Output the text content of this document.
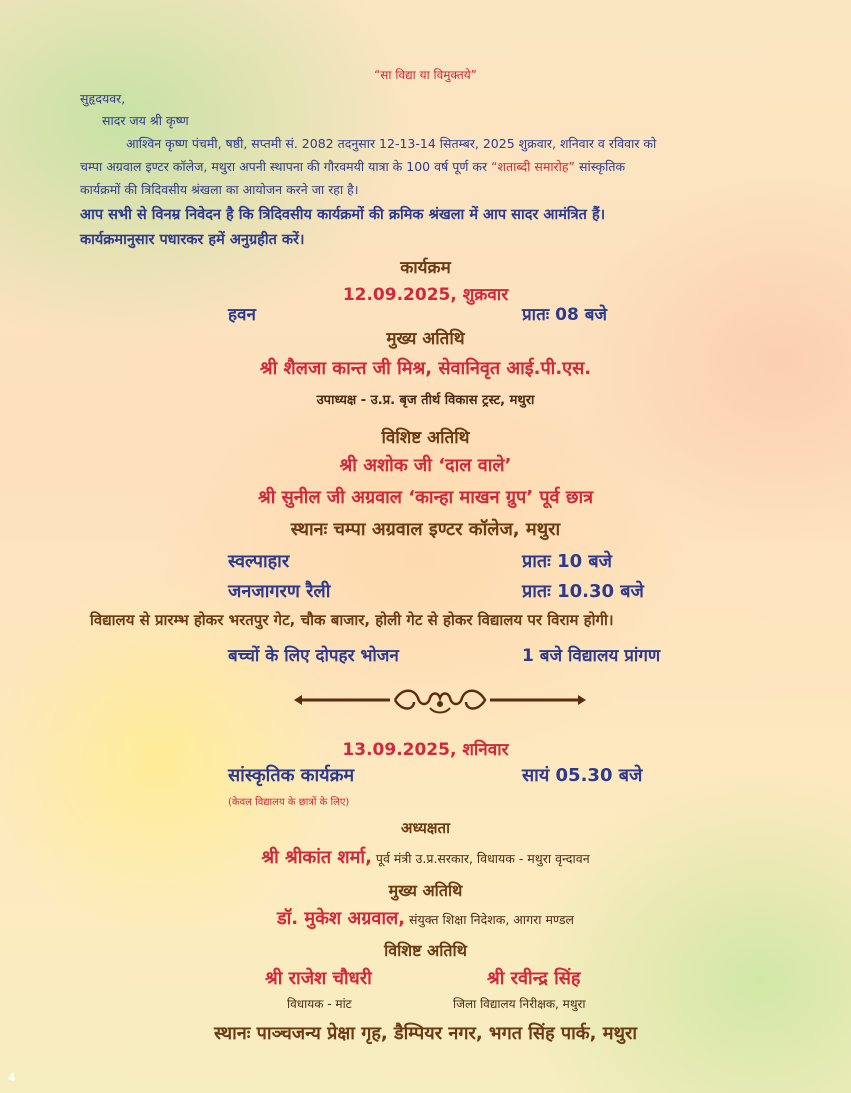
“सा विद्या या विमुक्तये”
सुहृदयवर,
सादर जय श्री कृष्ण
आश्विन कृष्ण पंचमी, षष्ठी, सप्तमी सं. 2082 तदनुसार 12-13-14 सितम्बर, 2025 शुक्रवार, शनिवार व रविवार को
चम्पा अग्रवाल इण्टर कॉलेज, मथुरा अपनी स्थापना की गौरवमयी यात्रा के 100 वर्ष पूर्ण कर “शताब्दी समारोह” सांस्कृतिक
कार्यक्रमों की त्रिदिवसीय श्रंखला का आयोजन करने जा रहा है।
आप सभी से विनम्र निवेदन है कि त्रिदिवसीय कार्यक्रमों की क्रमिक श्रंखला में आप सादर आमंत्रित हैं।
कार्यक्रमानुसार पधारकर हमें अनुग्रहीत करें।
कार्यक्रम
12.09.2025, शुक्रवार
हवन	प्रातः 08 बजे
मुख्य अतिथि
श्री शैलजा कान्त जी मिश्र, सेवानिवृत आई.पी.एस.
उपाध्यक्ष - उ.प्र. बृज तीर्थ विकास ट्रस्ट, मथुरा
विशिष्ट अतिथि
श्री अशोक जी ‘दाल वाले’
श्री सुनील जी अग्रवाल ‘कान्हा माखन ग्रुप’ पूर्व छात्र
स्थानः चम्पा अग्रवाल इण्टर कॉलेज, मथुरा
स्वल्पाहार	प्रातः 10 बजे
जनजागरण रैली	प्रातः 10.30 बजे
विद्यालय से प्रारम्भ होकर भरतपुर गेट, चौक बाजार, होली गेट से होकर विद्यालय पर विराम होगी।
बच्चों के लिए दोपहर भोजन	1 बजे विद्यालय प्रांगण
13.09.2025, शनिवार
सांस्कृतिक कार्यक्रम	सायं 05.30 बजे
(केवल विद्यालय के छात्रों के लिए)
अध्यक्षता
श्री श्रीकांत शर्मा, पूर्व मंत्री उ.प्र.सरकार, विधायक - मथुरा वृन्दावन
मुख्य अतिथि
डॉ. मुकेश अग्रवाल, संयुक्त शिक्षा निदेशक, आगरा मण्डल
विशिष्ट अतिथि
श्री राजेश चौधरी
विधायक - मांट
श्री रवीन्द्र सिंह
जिला विद्यालय निरीक्षक, मथुरा
स्थानः पाञ्चजन्य प्रेक्षा गृह, डैम्पियर नगर, भगत सिंह पार्क, मथुरा
4
